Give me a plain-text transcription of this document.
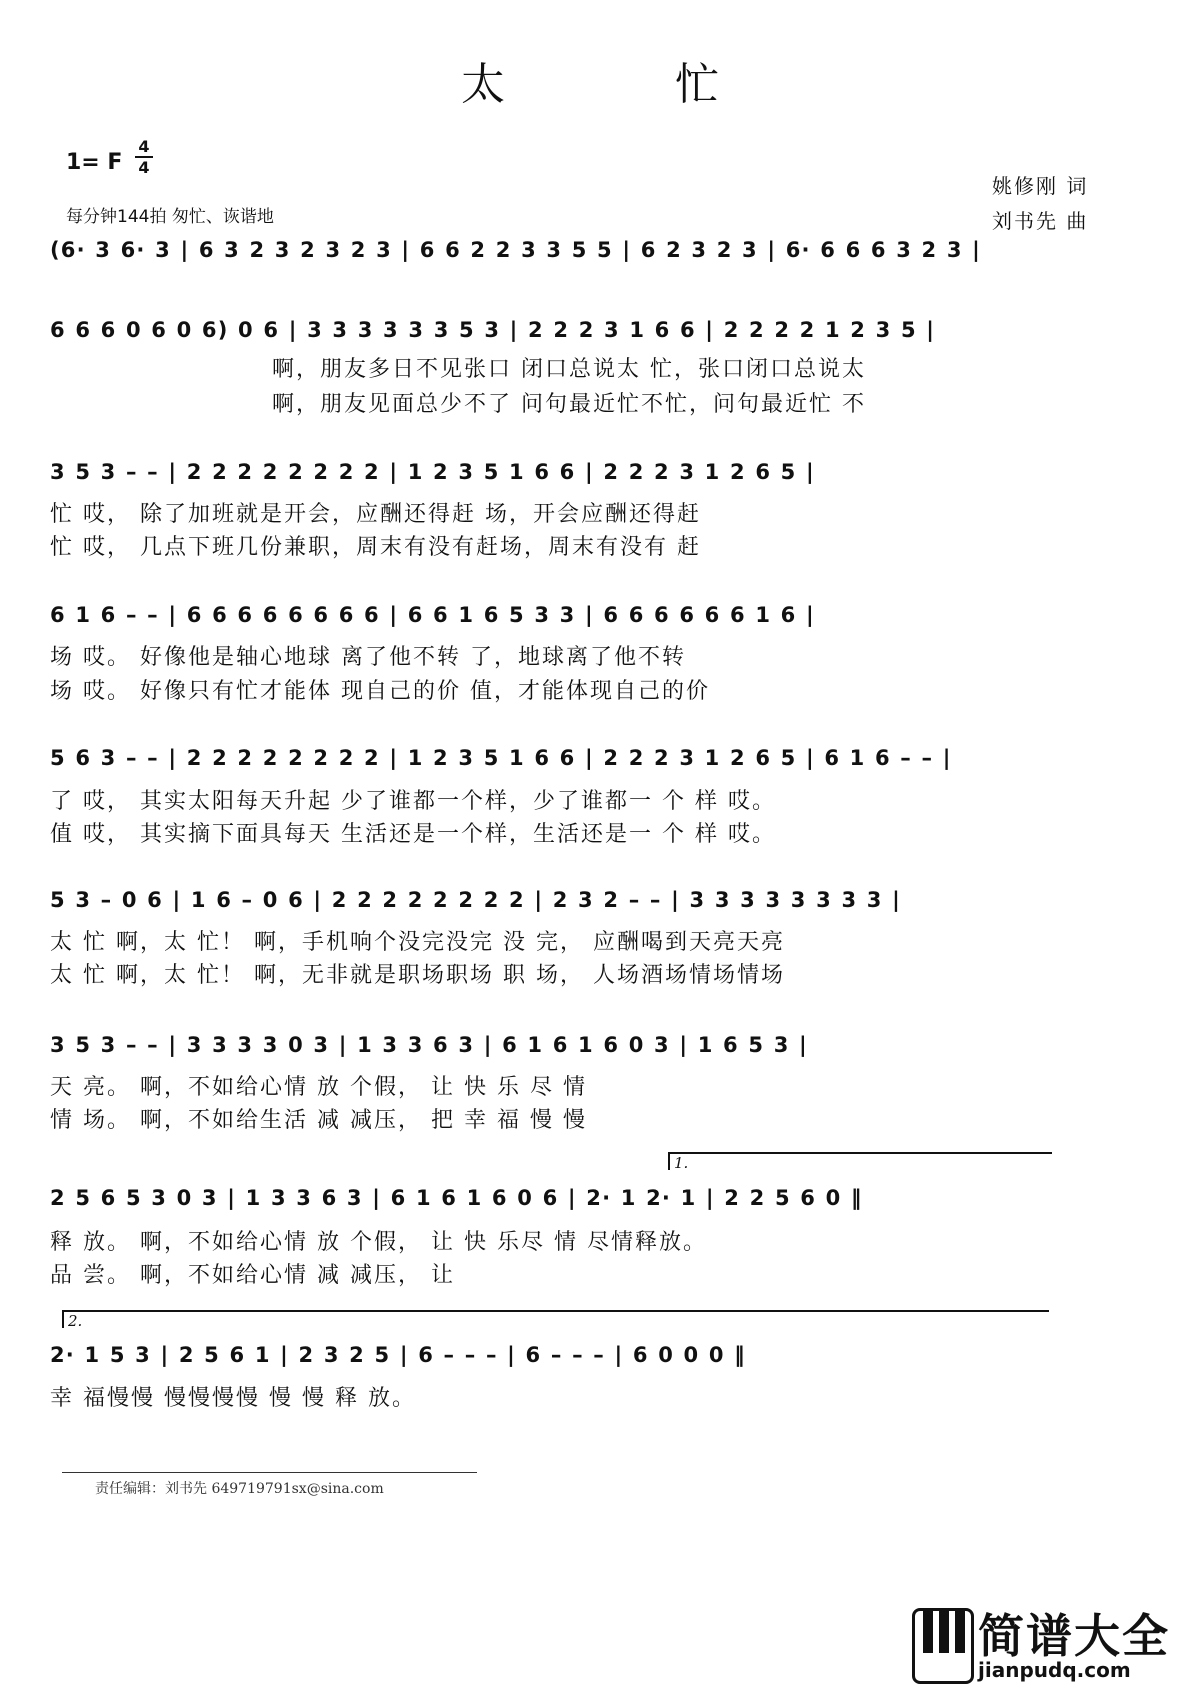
太 忙
1= F
4
4
每分钟144拍 匆忙、诙谐地
姚修刚 词
刘书先 曲
(6· 3 6· 3 | 6 3 2 3 2 3 2 3 | 6 6 2 2 3 3 5 5 | 6 2 3 2 3 | 6· 6 6 6 3 2 3 |
6 6 6 0 6 0 6) 0 6 | 3 3 3 3 3 3 5 3 | 2 2 2 3 1 6 6 | 2 2 2 2 1 2 3 5 |
啊，朋友多日不见张口 闭口总说太 忙，张口闭口总说太
啊，朋友见面总少不了 问句最近忙不忙，问句最近忙 不
3 5 3 – – | 2 2 2 2 2 2 2 2 | 1 2 3 5 1 6 6 | 2 2 2 3 1 2 6 5 |
忙 哎， 除了加班就是开会，应酬还得赶 场，开会应酬还得赶
忙 哎， 几点下班几份兼职，周末有没有赶场，周末有没有 赶
6 1 6 – – | 6 6 6 6 6 6 6 6 | 6 6 1 6 5 3 3 | 6 6 6 6 6 6 1 6 |
场 哎。 好像他是轴心地球 离了他不转 了，地球离了他不转
场 哎。 好像只有忙才能体 现自己的价 值，才能体现自己的价
5 6 3 – – | 2 2 2 2 2 2 2 2 | 1 2 3 5 1 6 6 | 2 2 2 3 1 2 6 5 | 6 1 6 – – |
了 哎， 其实太阳每天升起 少了谁都一个样，少了谁都一 个 样 哎。
值 哎， 其实摘下面具每天 生活还是一个样，生活还是一 个 样 哎。
5 3 – 0 6 | 1 6 – 0 6 | 2 2 2 2 2 2 2 2 | 2 3 2 – – | 3 3 3 3 3 3 3 3 |
太 忙 啊，太 忙！ 啊，手机响个没完没完 没 完， 应酬喝到天亮天亮
太 忙 啊，太 忙！ 啊，无非就是职场职场 职 场， 人场酒场情场情场
3 5 3 – – | 3 3 3 3 0 3 | 1 3 3 6 3 | 6 1 6 1 6 0 3 | 1 6 5 3 |
天 亮。 啊，不如给心情 放 个假， 让 快 乐 尽 情
情 场。 啊，不如给生活 减 减压， 把 幸 福 慢 慢
1.
2 5 6 5 3 0 3 | 1 3 3 6 3 | 6 1 6 1 6 0 6 | 2· 1 2· 1 | 2 2 5 6 0 ‖
释 放。 啊，不如给心情 放 个假， 让 快 乐尽 情 尽情释放。
品 尝。 啊，不如给心情 减 减压， 让
2.
2· 1 5 3 | 2 5 6 1 | 2 3 2 5 | 6 – – – | 6 – – – | 6 0 0 0 ‖
幸 福慢慢 慢慢慢慢 慢 慢 释 放。
责任编辑：刘书先 649719791sx@sina.com
简谱大全
jianpudq.com
